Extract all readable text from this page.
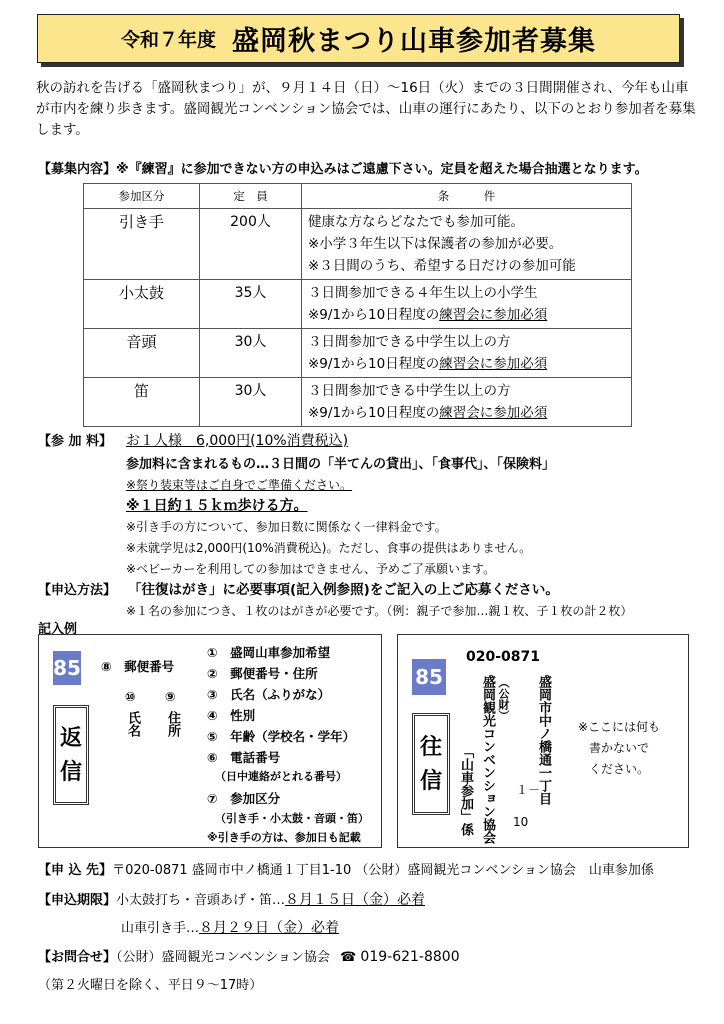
令和７年度 盛岡秋まつり山車参加者募集
秋の訪れを告げる「盛岡秋まつり」が、９月１４日（日）～16日（火）までの３日間開催され、今年も山車が市内を練り歩きます。盛岡観光コンベンション協会では、山車の運行にあたり、以下のとおり参加者を募集します。
【募集内容】※『練習』に参加できない方の申込みはご遠慮下さい。定員を超えた場合抽選となります。
参加区分	定　員	条　　　件
引き手	200人	健康な方ならどなたでも参加可能。
※小学３年生以下は保護者の参加が必要。
※３日間のうち、希望する日だけの参加可能

小太鼓	35人	３日間参加できる４年生以上の小学生
※9/1から10日程度の練習会に参加必須

音頭	30人	３日間参加できる中学生以上の方
※9/1から10日程度の練習会に参加必須

笛	30人	３日間参加できる中学生以上の方
※9/1から10日程度の練習会に参加必須
【参 加 料】 お１人様　6,000円(10%消費税込)
参加料に含まれるもの…３日間の「半てんの貸出」、「食事代」、「保険料」
※祭り装束等はご自身でご準備ください。
※１日約１５ｋｍ歩ける方。
※引き手の方について、参加日数に関係なく一律料金です。
※未就学児は2,000円(10%消費税込)。ただし、食事の提供はありません。
※ベビーカーを利用しての参加はできません、予めご了承願います。
【申込方法】 「往復はがき」に必要事項(記入例参照)をご記入の上ご応募ください。
※１名の参加につき、１枚のはがきが必要です。（例：親子で参加…親１枚、子１枚の計２枚）
記入例
85
返
信
⑧　郵便番号
⑩ ⑨
氏名 住所
①　盛岡山車参加希望
②　郵便番号・住所
③　氏名（ふりがな）
④　性別
⑤　年齢（学校名・学年）
⑥　電話番号
（日中連絡がとれる番号）
⑦　参加区分
（引き手・小太鼓・音頭・笛）
※引き手の方は、参加日も記載
85
往
信
020-0871
盛岡市中ノ橋通一丁目
１－
10
（公財）
盛岡観光コンベンション協会
「山車参加」係
※ここには何も
書かないで
ください。
【申 込 先】〒020-0871 盛岡市中ノ橋通１丁目1-10 （公財）盛岡観光コンベンション協会　山車参加係
【申込期限】小太鼓打ち・音頭あげ・笛…８月１５日（金）必着
山車引き手…８月２９日（金）必着
【お問合せ】（公財）盛岡観光コンベンション協会 ☎ 019-621-8800
（第２火曜日を除く、平日９～17時）
